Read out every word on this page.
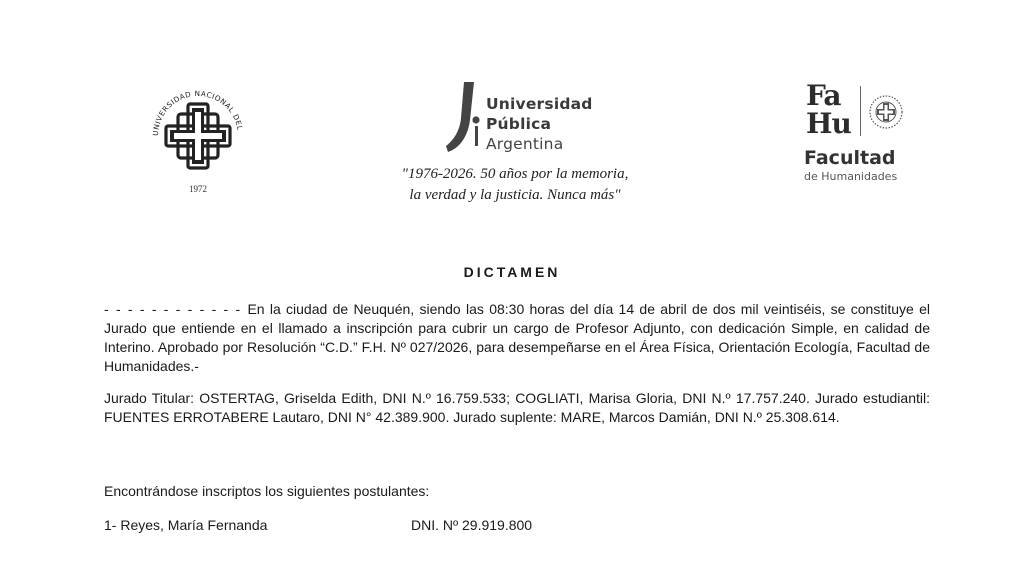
UNIVERSIDAD NACIONAL DEL
1972
Universidad
Pública
Argentina
"1976-2026. 50 años por la memoria,
la verdad y la justicia. Nunca más"
Fa
Hu
Facultad
de Humanidades
DICTAMEN
- - - - - - - - - - - - En la ciudad de Neuquén, siendo las 08:30 horas del día 14 de abril de dos mil veintiséis, se constituye el Jurado que entiende en el llamado a inscripción para cubrir un cargo de Profesor Adjunto, con dedicación Simple, en calidad de Interino. Aprobado por Resolución “C.D.” F.H. Nº 027/2026, para desempeñarse en el Área Física, Orientación Ecología, Facultad de Humanidades.-
Jurado Titular: OSTERTAG, Griselda Edith, DNI N.º 16.759.533; COGLIATI, Marisa Gloria, DNI N.º 17.757.240. Jurado estudiantil: FUENTES ERROTABERE Lautaro, DNI N° 42.389.900. Jurado suplente: MARE, Marcos Damián, DNI N.º 25.308.614.
Encontrándose inscriptos los siguientes postulantes:
1- Reyes, María Fernanda	DNI. Nº 29.919.800
